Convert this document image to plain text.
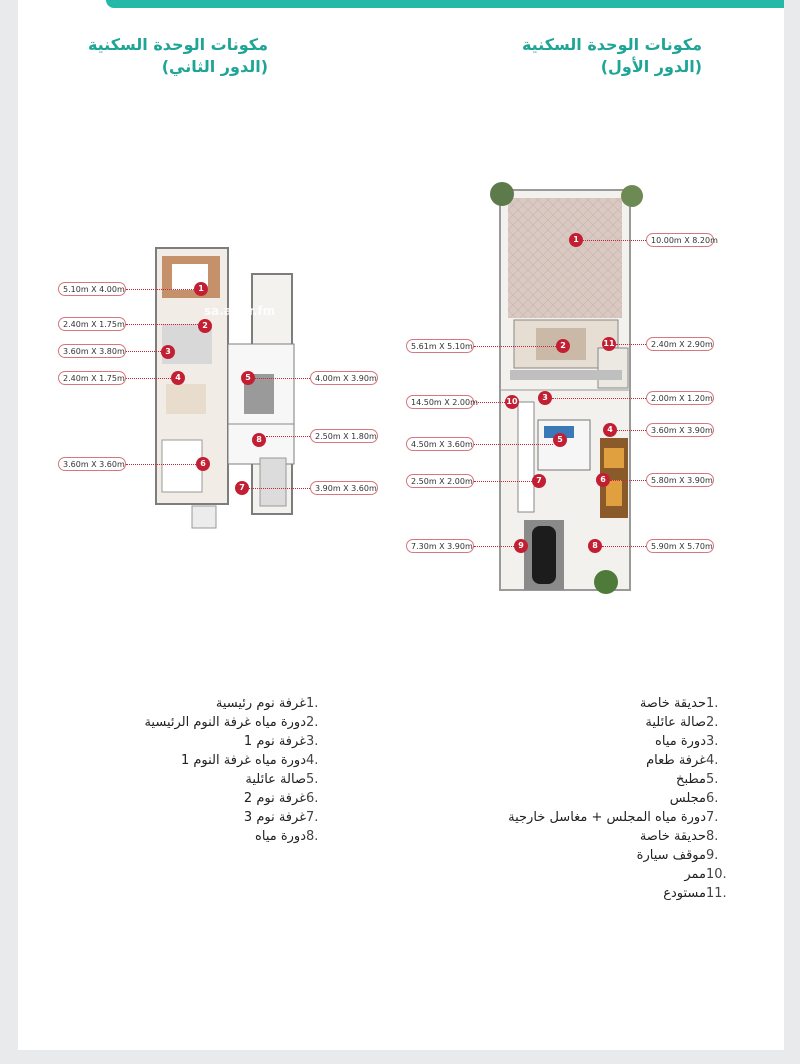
مكونات الوحدة السكنية
(الدور الأول)
مكونات الوحدة السكنية
(الدور الثاني)
sa.aqar.fm
10.00m X 8.20m
1
5.61m X 5.10m	2
2.00m X 1.20m
3
3.60m X 3.90m
4
4.50m X 3.60m
5
5.80m X 3.90m
6
2.50m X 2.00m	7
5.90m X 5.70m
8
7.30m X 3.90m	9
14.50m X 2.00m	10
2.40m X 2.90m
11
5.10m X 4.00m	1
2.40m X 1.75m	2
3.60m X 3.80m	3
2.40m X 1.75m	4	4.00m X 3.90m
5
3.60m X 3.60m	6
3.90m X 3.60m
7
2.50m X 1.80m
8
1.حديقة خاصة
2.صالة عائلية
3.دورة مياه
4.غرفة طعام
5.مطبخ
6.مجلس
7.دورة مياه المجلس + مغاسل خارجية
8.حديقة خاصة
9.موقف سيارة
10.ممر
11.مستودع
1.غرفة نوم رئيسية
2.دورة مياه غرفة النوم الرئيسية
3.غرفة نوم 1
4.دورة مياه غرفة النوم 1
5.صالة عائلية
6.غرفة نوم 2
7.غرفة نوم 3
8.دورة مياه
